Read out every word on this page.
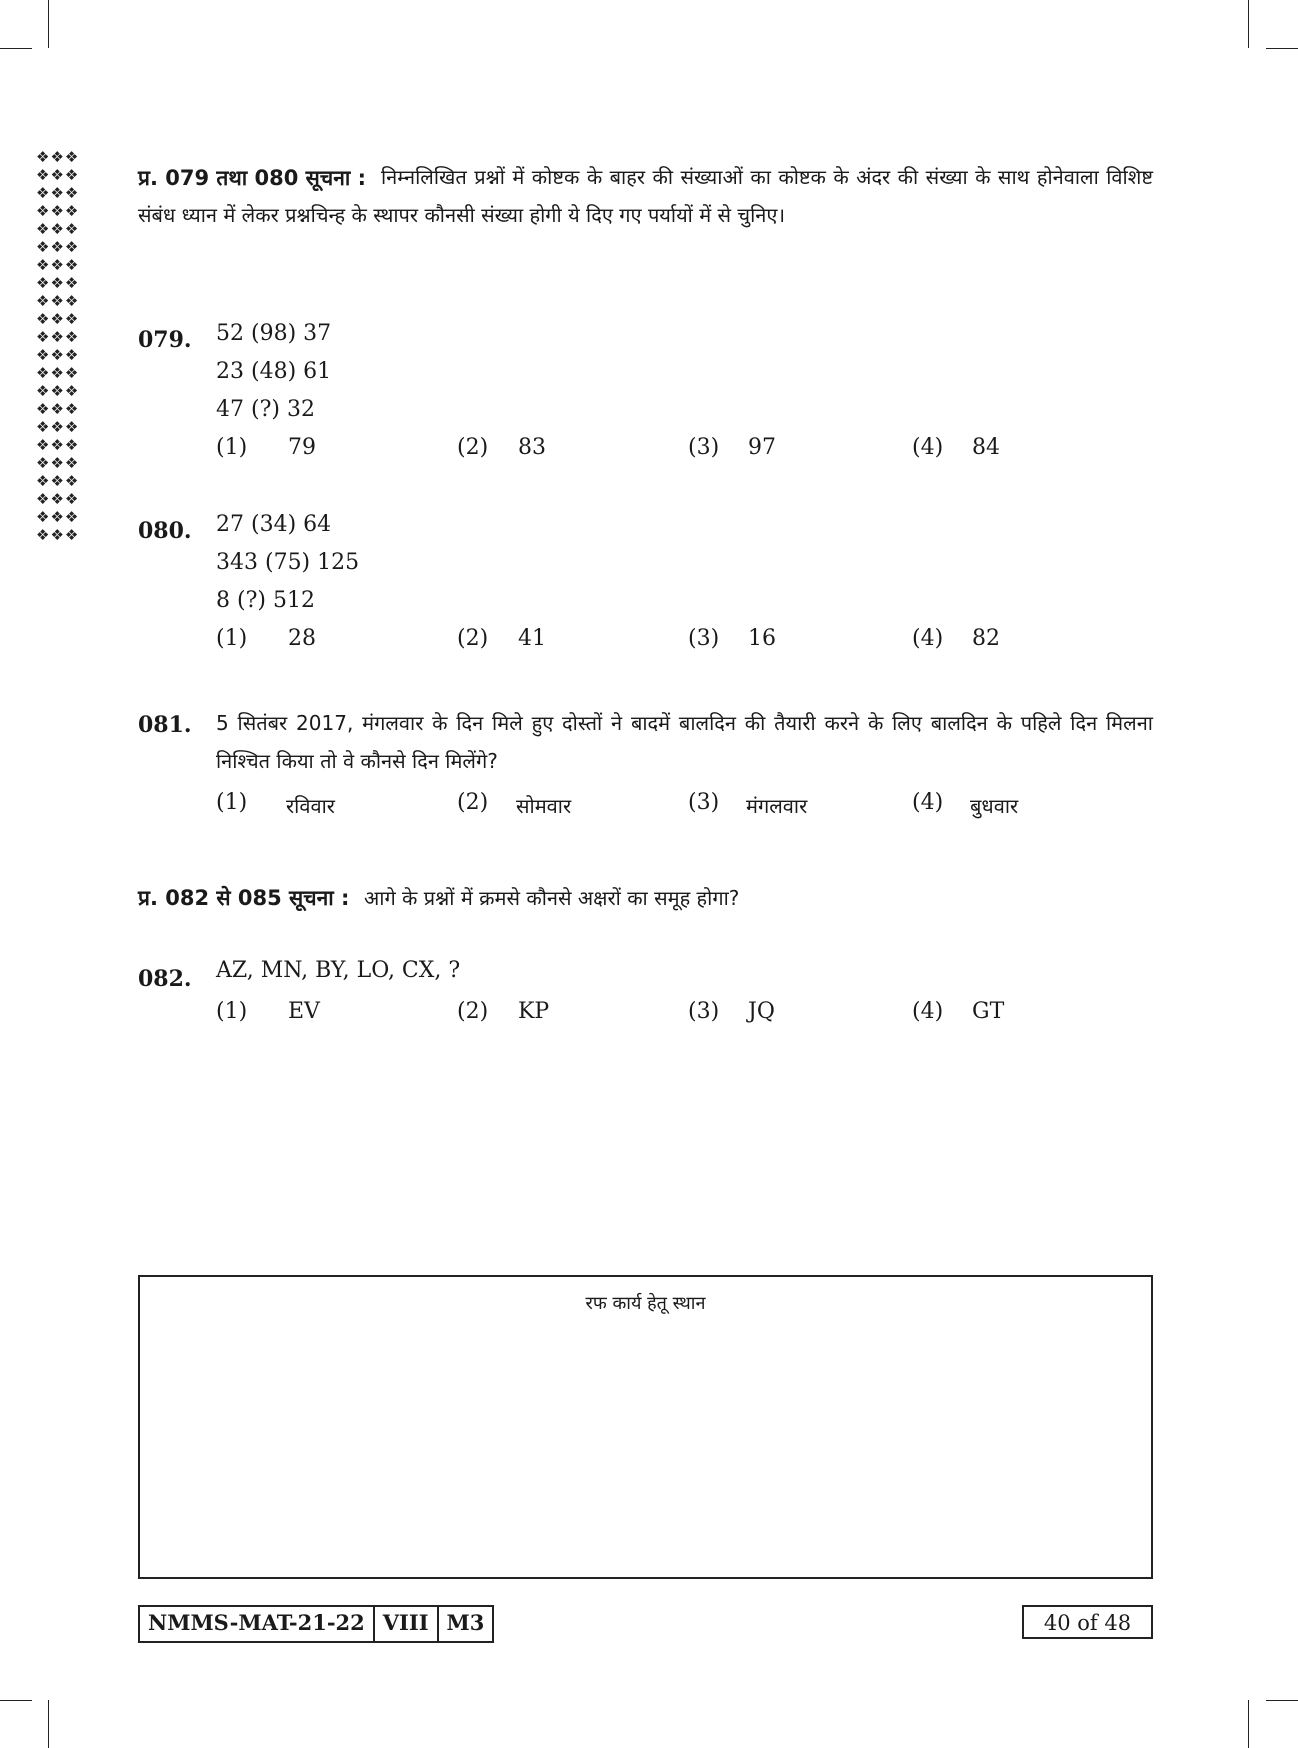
❖❖❖
❖❖❖
❖❖❖
❖❖❖
❖❖❖
❖❖❖
❖❖❖
❖❖❖
❖❖❖
❖❖❖
❖❖❖
❖❖❖
❖❖❖
❖❖❖
❖❖❖
❖❖❖
❖❖❖
❖❖❖
❖❖❖
❖❖❖
❖❖❖
❖❖❖
प्र. 079 तथा 080 सूचना : निम्नलिखित प्रश्नों में कोष्टक के बाहर की संख्याओं का कोष्टक के अंदर की संख्या के साथ होनेवाला विशिष्ट संबंध ध्यान में लेकर प्रश्नचिन्ह के स्थापर कौनसी संख्या होगी ये दिए गए पर्यायों में से चुनिए।
079. 52 (98) 37
23 (48) 61
47 (?) 32
(1) 79	(2) 83	(3) 97	(4) 84
080. 27 (34) 64
343 (75) 125
8 (?) 512
(1) 28	(2) 41	(3) 16	(4) 82
081. 5 सितंबर 2017, मंगलवार के दिन मिले हुए दोस्तों ने बादमें बालदिन की तैयारी करने के लिए बालदिन के पहिले दिन मिलना निश्चित किया तो वे कौनसे दिन मिलेंगे?
(1) रविवार	(2) सोमवार	(3) मंगलवार	(4) बुधवार
प्र. 082 से 085 सूचना : आगे के प्रश्नों में क्रमसे कौनसे अक्षरों का समूह होगा?
082. AZ, MN, BY, LO, CX, ?
(1) EV	(2) KP	(3) JQ	(4) GT
रफ कार्य हेतू स्थान
NMMS-MAT-21-22 VIII M3	40 of 48
